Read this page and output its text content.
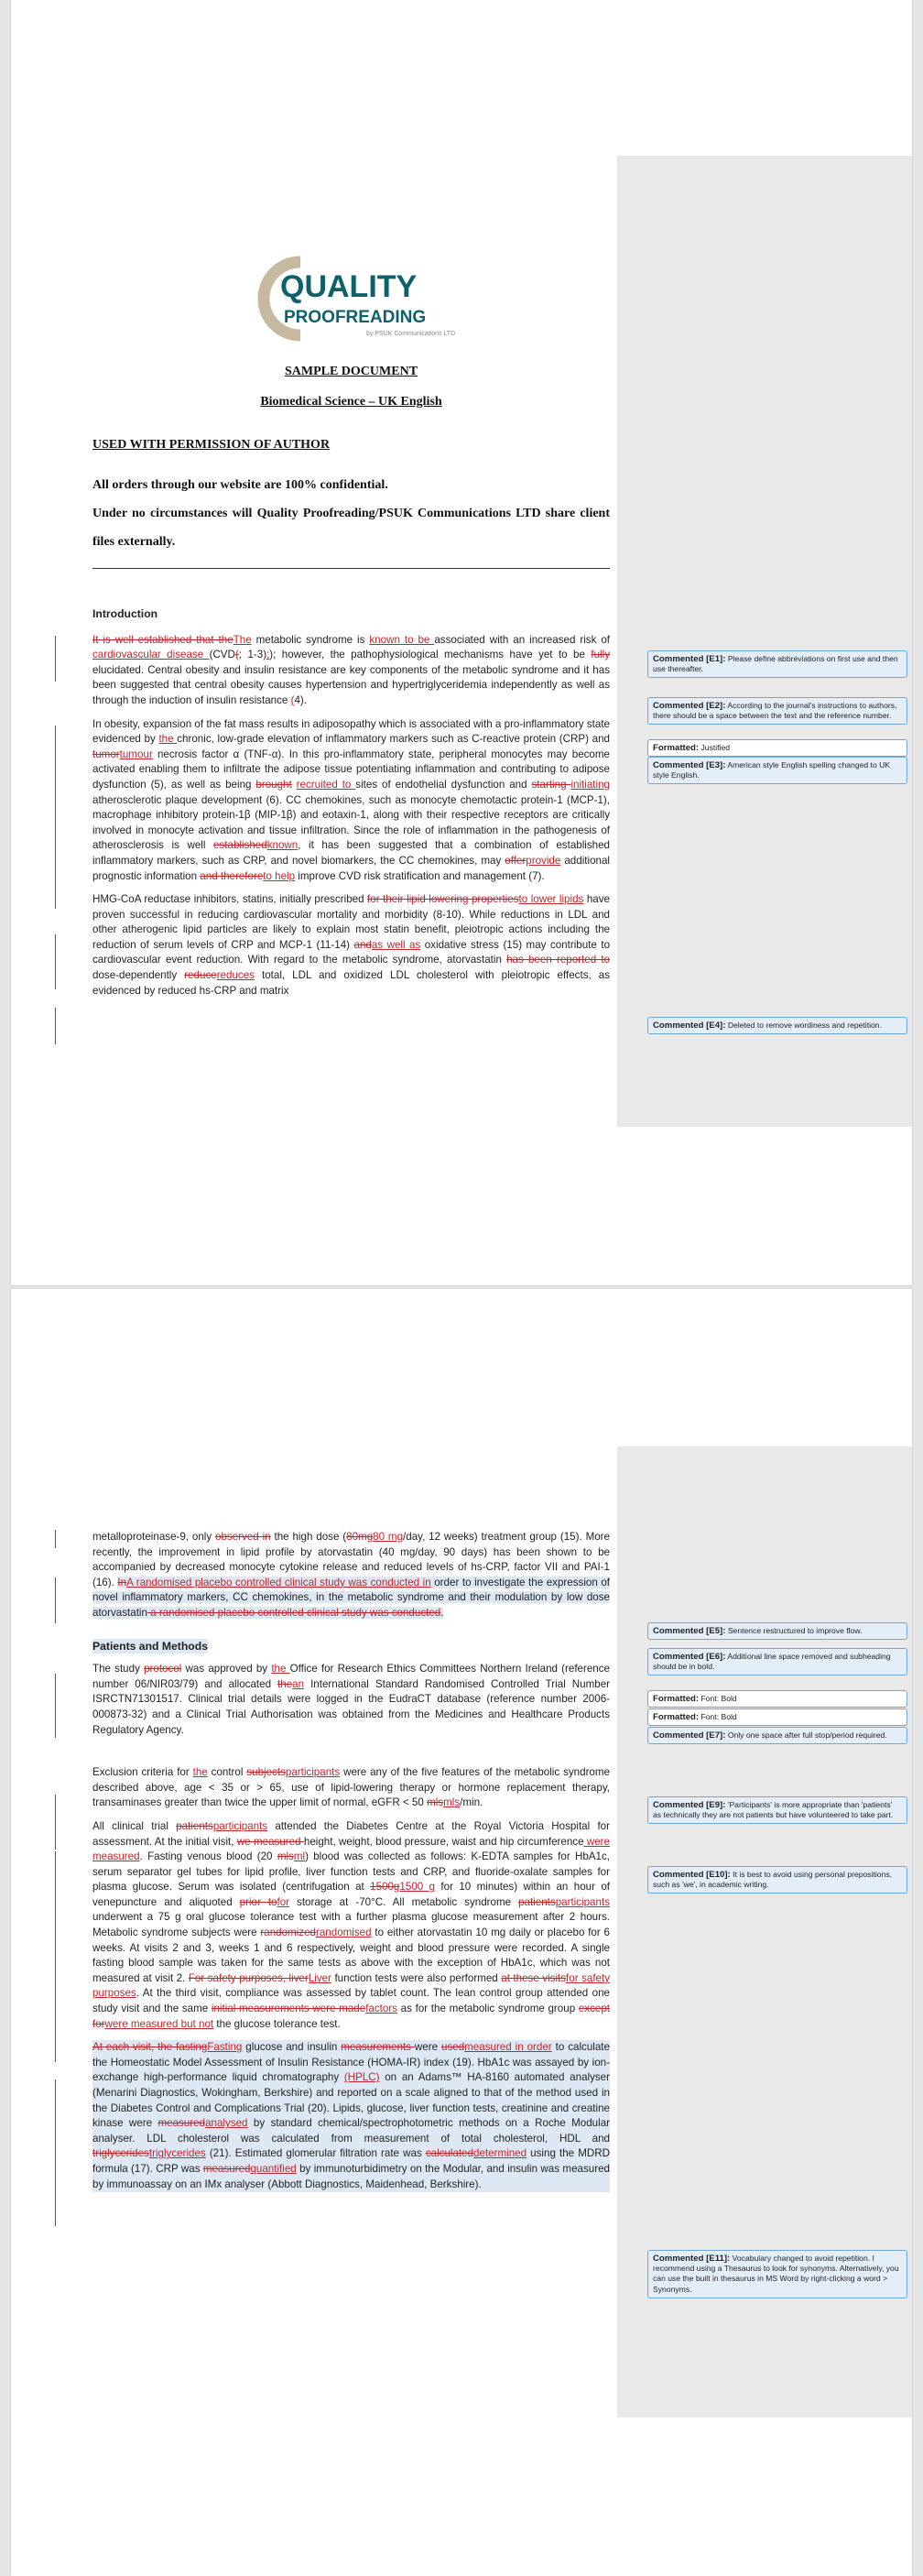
QUALITY
PROOFREADING
by PSUK Communications LTD
SAMPLE DOCUMENT
Biomedical Science – UK English
USED WITH PERMISSION OF AUTHOR
All orders through our website are 100% confidential.
Under no circumstances will Quality Proofreading/PSUK Communications LTD share client files externally.
Introduction

It is well established that theThe metabolic syndrome is known to be associated with an increased risk of cardiovascular disease (CVD(; 1-3);); however, the pathophysiological mechanisms have yet to be fully elucidated. Central obesity and insulin resistance are key components of the metabolic syndrome and it has been suggested that central obesity causes hypertension and hypertriglyceridemia independently as well as through the induction of insulin resistance (4).

In obesity, expansion of the fat mass results in adiposopathy which is associated with a pro-inflammatory state evidenced by the chronic, low-grade elevation of inflammatory markers such as C-reactive protein (CRP) and tumortumour necrosis factor α (TNF-α). In this pro-inflammatory state, peripheral monocytes may become activated enabling them to infiltrate the adipose tissue potentiating inflammation and contributing to adipose dysfunction (5), as well as being brought recruited to sites of endothelial dysfunction and starting initiating atherosclerotic plaque development (6). CC chemokines, such as monocyte chemotactic protein-1 (MCP-1), macrophage inhibitory protein-1β (MIP-1β) and eotaxin-1, along with their respective receptors are critically involved in monocyte activation and tissue infiltration. Since the role of inflammation in the pathogenesis of atherosclerosis is well establishedknown, it has been suggested that a combination of established inflammatory markers, such as CRP, and novel biomarkers, the CC chemokines, may offerprovide additional prognostic information and thereforeto help improve CVD risk stratification and management (7).

HMG-CoA reductase inhibitors, statins, initially prescribed for their lipid lowering propertiesto lower lipids have proven successful in reducing cardiovascular mortality and morbidity (8-10). While reductions in LDL and other atherogenic lipid particles are likely to explain most statin benefit, pleiotropic actions including the reduction of serum levels of CRP and MCP-1 (11-14) andas well as oxidative stress (15) may contribute to cardiovascular event reduction. With regard to the metabolic syndrome, atorvastatin has been reported to dose-dependently reducereduces total, LDL and oxidized LDL cholesterol with pleiotropic effects, as evidenced by reduced hs-CRP and matrix

Commented [E1]: Please define abbreviations on first use and then use thereafter.
Commented [E2]: According to the journal's instructions to authors, there should be a space between the text and the reference number.
Formatted: Justified
Commented [E3]: American style English spelling changed to UK style English.
Commented [E4]: Deleted to remove wordiness and repetition.

metalloproteinase-9, only observed in the high dose (80mg80 mg/day, 12 weeks) treatment group (15). More recently, the improvement in lipid profile by atorvastatin (40 mg/day, 90 days) has been shown to be accompanied by decreased monocyte cytokine release and reduced levels of hs-CRP, factor VII and PAI-1 (16). InA randomised placebo controlled clinical study was conducted in order to investigate the expression of novel inflammatory markers, CC chemokines, in the metabolic syndrome and their modulation by low dose atorvastatin a randomised placebo controlled clinical study was conducted.

Patients and Methods

The study protocol was approved by the Office for Research Ethics Committees Northern Ireland (reference number 06/NIR03/79) and allocated thean International Standard Randomised Controlled Trial Number ISRCTN71301517. Clinical trial details were logged in the EudraCT database (reference number 2006-000873-32) and a Clinical Trial Authorisation was obtained from the Medicines and Healthcare Products Regulatory Agency.

Exclusion criteria for the control subjectsparticipants were any of the five features of the metabolic syndrome described above, age < 35 or > 65, use of lipid-lowering therapy or hormone replacement therapy, transaminases greater than twice the upper limit of normal, eGFR < 50 mlsmls/min.

All clinical trial patientsparticipants attended the Diabetes Centre at the Royal Victoria Hospital for assessment. At the initial visit, we measured height, weight, blood pressure, waist and hip circumference were measured. Fasting venous blood (20 mlsml) blood was collected as follows: K-EDTA samples for HbA1c, serum separator gel tubes for lipid profile, liver function tests and CRP, and fluoride-oxalate samples for plasma glucose. Serum was isolated (centrifugation at 1500g1500 g for 10 minutes) within an hour of venepuncture and aliquoted prior tofor storage at -70°C. All metabolic syndrome patientsparticipants underwent a 75 g oral glucose tolerance test with a further plasma glucose measurement after 2 hours. Metabolic syndrome subjects were randomizedrandomised to either atorvastatin 10 mg daily or placebo for 6 weeks. At visits 2 and 3, weeks 1 and 6 respectively, weight and blood pressure were recorded. A single fasting blood sample was taken for the same tests as above with the exception of HbA1c, which was not measured at visit 2. For safety purposes, liverLiver function tests were also performed at these visitsfor safety purposes. At the third visit, compliance was assessed by tablet count. The lean control group attended one study visit and the same initial measurements were madefactors as for the metabolic syndrome group except forwere measured but not the glucose tolerance test.

At each visit, the fastingFasting glucose and insulin measurements were usedmeasured in order to calculate the Homeostatic Model Assessment of Insulin Resistance (HOMA-IR) index (19). HbA1c was assayed by ion-exchange high-performance liquid chromatography (HPLC) on an Adams™ HA-8160 automated analyser (Menarini Diagnostics, Wokingham, Berkshire) and reported on a scale aligned to that of the method used in the Diabetes Control and Complications Trial (20). Lipids, glucose, liver function tests, creatinine and creatine kinase were measuredanalysed by standard chemical/spectrophotometric methods on a Roche Modular analyser. LDL cholesterol was calculated from measurement of total cholesterol, HDL and triglyceridestriglycerides (21). Estimated glomerular filtration rate was calculateddetermined using the MDRD formula (17). CRP was measuredquantified by immunoturbidimetry on the Modular, and insulin was measured by immunoassay on an IMx analyser (Abbott Diagnostics, Maidenhead, Berkshire).

Commented [E5]: Sentence restructured to improve flow.
Commented [E6]: Additional line space removed and subheading should be in bold.
Formatted: Font: Bold
Formatted: Font: Bold
Commented [E7]: Only one space after full stop/period required.
Commented [E9]: 'Participants' is more appropriate than 'patients' as technically they are not patients but have volunteered to take part.
Commented [E10]: It is best to avoid using personal prepositions, such as 'we', in academic writing.
Commented [E11]: Vocabulary changed to avoid repetition. I recommend using a Thesaurus to look for synonyms. Alternatively, you can use the built in thesaurus in MS Word by right-clicking a word > Synonyms.
